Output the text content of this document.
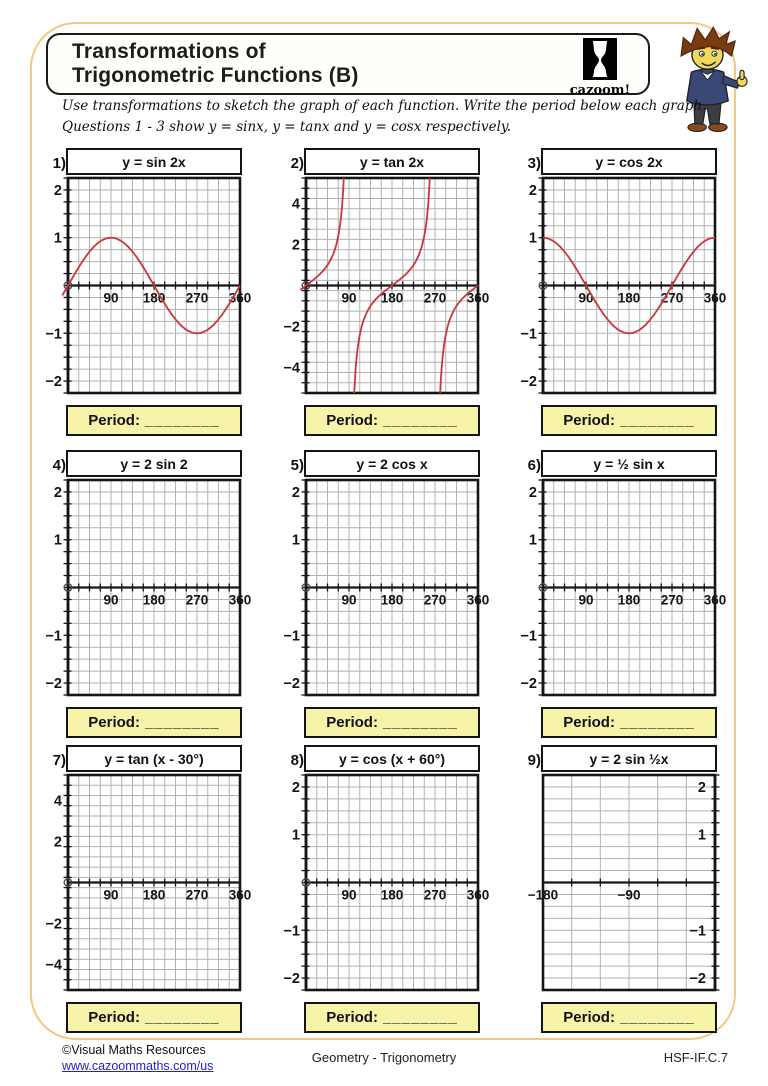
Transformations of
Trigonometric Functions (B)
cazoom!
Use transformations to sketch the graph of each function. Write the period below each graph.
Questions 1 - 3 show y = sinx, y = tanx and y = cosx respectively.
1)	y = sin 2x
90 180 270 360
2
1
−1
−2
Period: ________
2)	y = tan 2x
90 180 270 360
4
2
−2
−4
Period: ________
3)	y = cos 2x
90 180 270 360
2
1
−1
−2
Period: ________
4)	y = 2 sin 2
90 180 270 360
2
1
−1
−2
Period: ________
5)	y = 2 cos x
90 180 270 360
2
1
−1
−2
Period: ________
6)	y = ½ sin x
90 180 270 360
2
1
−1
−2
Period: ________
7)	y = tan (x - 30°)
90 180 270 360
4
2
−2
−4
Period: ________
8)	y = cos (x + 60°)
90 180 270 360
2
1
−1
−2
Period: ________
9)	y = 2 sin ½x
−180	−90
2
1
−1
−2
Period: ________
©Visual Maths Resources
www.cazoommaths.com/us
Geometry - Trigonometry	HSF-IF.C.7
